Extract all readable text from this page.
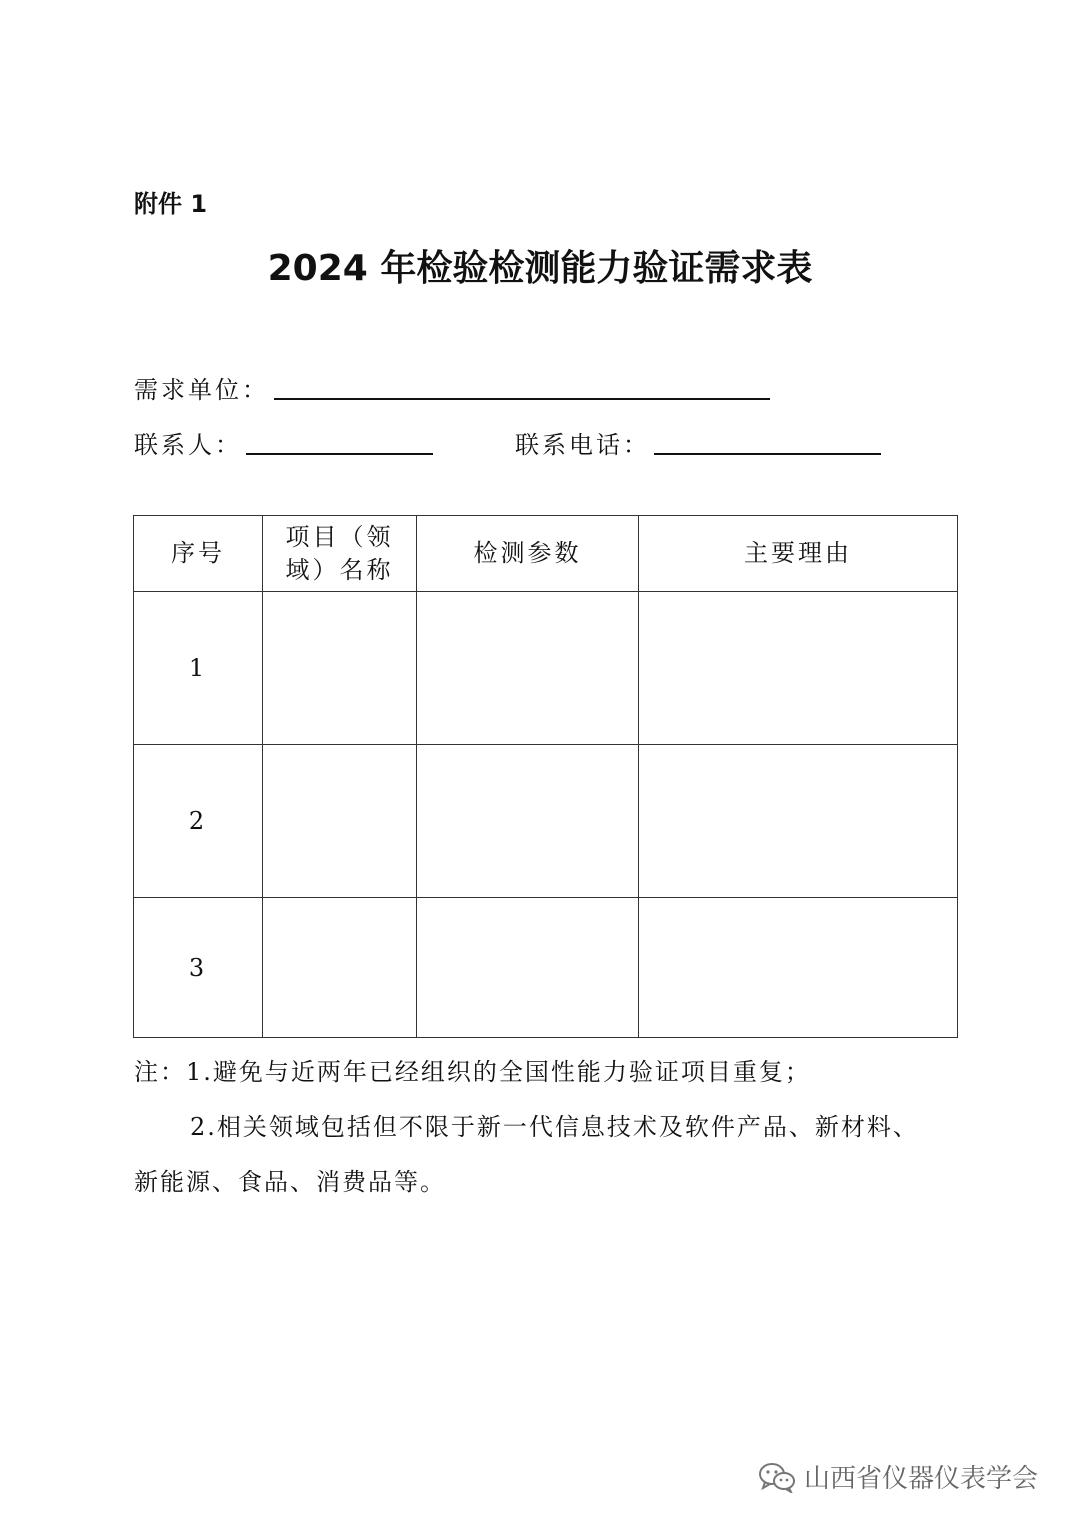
附件 1
2024 年检验检测能力验证需求表
需求单位：
联系人：	联系电话：
序号	项目（领域）名称	检测参数	主要理由
1			
2			
3			
注：1.避免与近两年已经组织的全国性能力验证项目重复；
2.相关领域包括但不限于新一代信息技术及软件产品、新材料、
新能源、食品、消费品等。
山西省仪器仪表学会
